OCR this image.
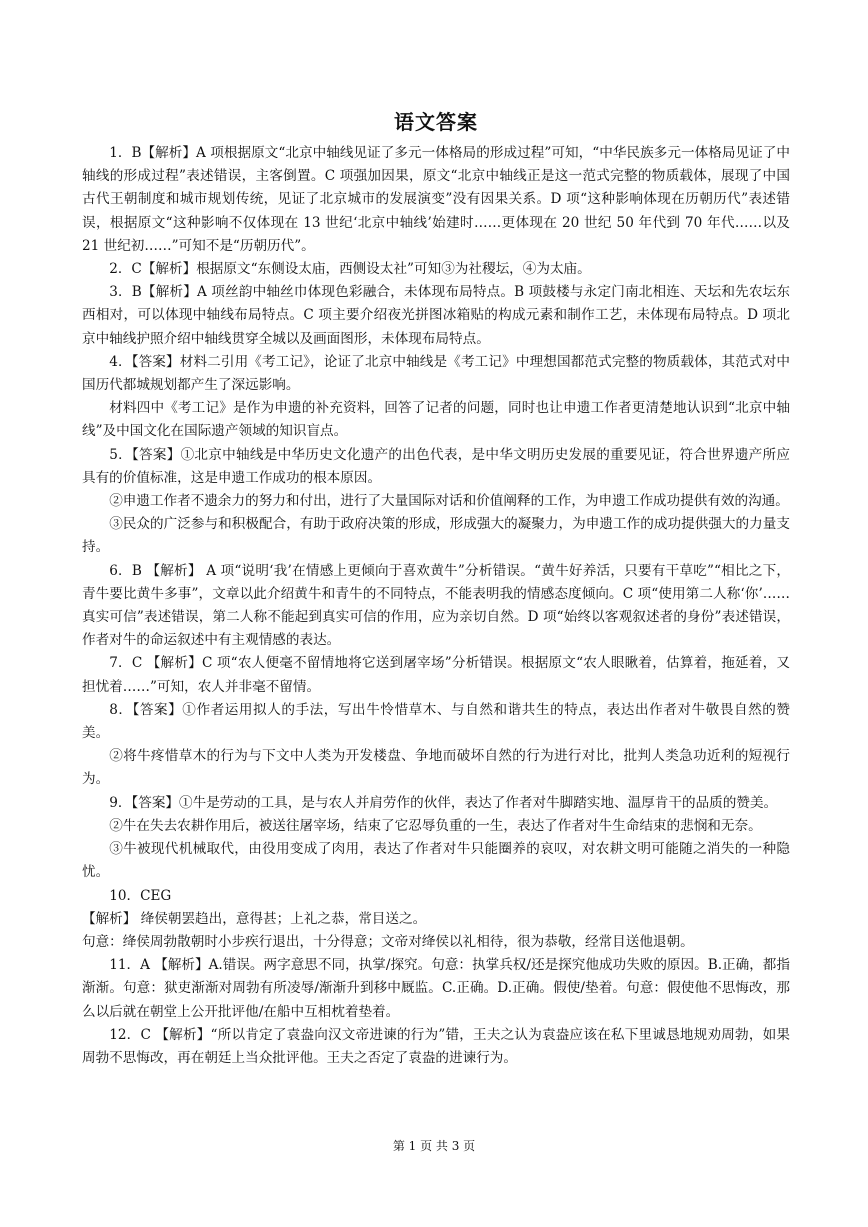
语文答案

1．B【解析】A 项根据原文“北京中轴线见证了多元一体格局的形成过程”可知，“中华民族多元一体格局见证了中轴线的形成过程”表述错误，主客倒置。C 项强加因果，原文“北京中轴线正是这一范式完整的物质载体，展现了中国古代王朝制度和城市规划传统，见证了北京城市的发展演变”没有因果关系。D 项“这种影响体现在历朝历代”表述错误，根据原文“这种影响不仅体现在 13 世纪‘北京中轴线’始建时……更体现在 20 世纪 50 年代到 70 年代……以及 21 世纪初……”可知不是“历朝历代”。

2．C【解析】根据原文“东侧设太庙，西侧设太社”可知③为社稷坛，④为太庙。

3．B【解析】A 项丝韵中轴丝巾体现色彩融合，未体现布局特点。B 项鼓楼与永定门南北相连、天坛和先农坛东西相对，可以体现中轴线布局特点。C 项主要介绍夜光拼图冰箱贴的构成元素和制作工艺，未体现布局特点。D 项北京中轴线护照介绍中轴线贯穿全城以及画面图形，未体现布局特点。

4．【答案】材料二引用《考工记》，论证了北京中轴线是《考工记》中理想国都范式完整的物质载体，其范式对中国历代都城规划都产生了深远影响。

材料四中《考工记》是作为申遗的补充资料，回答了记者的问题，同时也让申遗工作者更清楚地认识到“北京中轴线”及中国文化在国际遗产领域的知识盲点。

5．【答案】①北京中轴线是中华历史文化遗产的出色代表，是中华文明历史发展的重要见证，符合世界遗产所应具有的价值标准，这是申遗工作成功的根本原因。

②申遗工作者不遗余力的努力和付出，进行了大量国际对话和价值阐释的工作，为申遗工作成功提供有效的沟通。

③民众的广泛参与和积极配合，有助于政府决策的形成，形成强大的凝聚力，为申遗工作的成功提供强大的力量支持。

6．B 【解析】 A 项“说明‘我’在情感上更倾向于喜欢黄牛”分析错误。“黄牛好养活，只要有干草吃”“相比之下，青牛要比黄牛多事”，文章以此介绍黄牛和青牛的不同特点，不能表明我的情感态度倾向。C 项“使用第二人称‘你’……真实可信”表述错误，第二人称不能起到真实可信的作用，应为亲切自然。D 项“始终以客观叙述者的身份”表述错误，作者对牛的命运叙述中有主观情感的表达。

7．C 【解析】C 项“农人便毫不留情地将它送到屠宰场”分析错误。根据原文“农人眼瞅着，估算着，拖延着，又担忧着……”可知，农人并非毫不留情。

8．【答案】①作者运用拟人的手法，写出牛怜惜草木、与自然和谐共生的特点，表达出作者对牛敬畏自然的赞美。

②将牛疼惜草木的行为与下文中人类为开发楼盘、争地而破坏自然的行为进行对比，批判人类急功近利的短视行为。

9．【答案】①牛是劳动的工具，是与农人并肩劳作的伙伴，表达了作者对牛脚踏实地、温厚肯干的品质的赞美。

②牛在失去农耕作用后，被送往屠宰场，结束了它忍辱负重的一生，表达了作者对牛生命结束的悲悯和无奈。

③牛被现代机械取代，由役用变成了肉用，表达了作者对牛只能圈养的哀叹，对农耕文明可能随之消失的一种隐忧。

10．CEG

【解析】 绛侯朝罢趋出，意得甚；上礼之恭，常目送之。

句意：绛侯周勃散朝时小步疾行退出，十分得意；文帝对绛侯以礼相待，很为恭敬，经常目送他退朝。

11．A 【解析】A.错误。两字意思不同，执掌/探究。句意：执掌兵权/还是探究他成功失败的原因。B.正确，都指渐渐。句意：狱吏渐渐对周勃有所凌辱/渐渐升到移中厩监。C.正确。D.正确。假使/垫着。句意：假使他不思悔改，那么以后就在朝堂上公开批评他/在船中互相枕着垫着。

12．C 【解析】“所以肯定了袁盎向汉文帝进谏的行为”错，王夫之认为袁盎应该在私下里诚恳地规劝周勃，如果周勃不思悔改，再在朝廷上当众批评他。王夫之否定了袁盎的进谏行为。

第 1 页 共 3 页
